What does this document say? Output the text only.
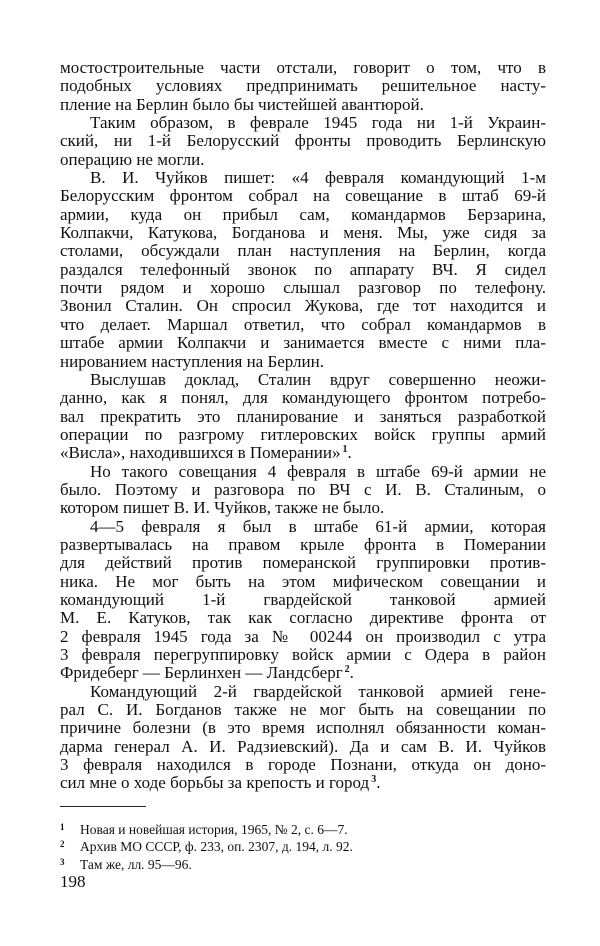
мостостроительные части отстали, говорит о том, что в
подобных условиях предпринимать решительное насту-
пление на Берлин было бы чистейшей авантюрой.
Таким образом, в феврале 1945 года ни 1-й Украин-
ский, ни 1-й Белорусский фронты проводить Берлинскую
операцию не могли.
В. И. Чуйков пишет: «4 февраля командующий 1-м
Белорусским фронтом собрал на совещание в штаб 69-й
армии, куда он прибыл сам, командармов Берзарина,
Колпакчи, Катукова, Богданова и меня. Мы, уже сидя за
столами, обсуждали план наступления на Берлин, когда
раздался телефонный звонок по аппарату ВЧ. Я сидел
почти рядом и хорошо слышал разговор по телефону.
Звонил Сталин. Он спросил Жукова, где тот находится и
что делает. Маршал ответил, что собрал командармов в
штабе армии Колпакчи и занимается вместе с ними пла-
нированием наступления на Берлин.
Выслушав доклад, Сталин вдруг совершенно неожи-
данно, как я понял, для командующего фронтом потребо-
вал прекратить это планирование и заняться разработкой
операции по разгрому гитлеровских войск группы армий
«Висла», находившихся в Померании» $^1$.
Но такого совещания 4 февраля в штабе 69-й армии не
было. Поэтому и разговора по ВЧ с И. В. Сталиным, о
котором пишет В. И. Чуйков, также не было.
4—5 февраля я был в штабе 61-й армии, которая
развертывалась на правом крыле фронта в Померании
для действий против померанской группировки против-
ника. Не мог быть на этом мифическом совещании и
командующий 1-й гвардейской танковой армией
М. Е. Катуков, так как согласно директиве фронта от
2 февраля 1945 года за № 00244 он производил с утра
3 февраля перегруппировку войск армии с Одера в район
Фридеберг — Берлинхен — Ландсберг $^2$.
Командующий 2-й гвардейской танковой армией гене-
рал С. И. Богданов также не мог быть на совещании по
причине болезни (в это время исполнял обязанности коман-
дарма генерал А. И. Радзиевский). Да и сам В. И. Чуйков
3 февраля находился в городе Познани, откуда он доно-
сил мне о ходе борьбы за крепость и город $^3$.
1 Новая и новейшая история, 1965, № 2, с. 6—7.
2 Архив МО СССР, ф. 233, оп. 2307, д. 194, л. 92.
3 Там же, лл. 95—96.
198
